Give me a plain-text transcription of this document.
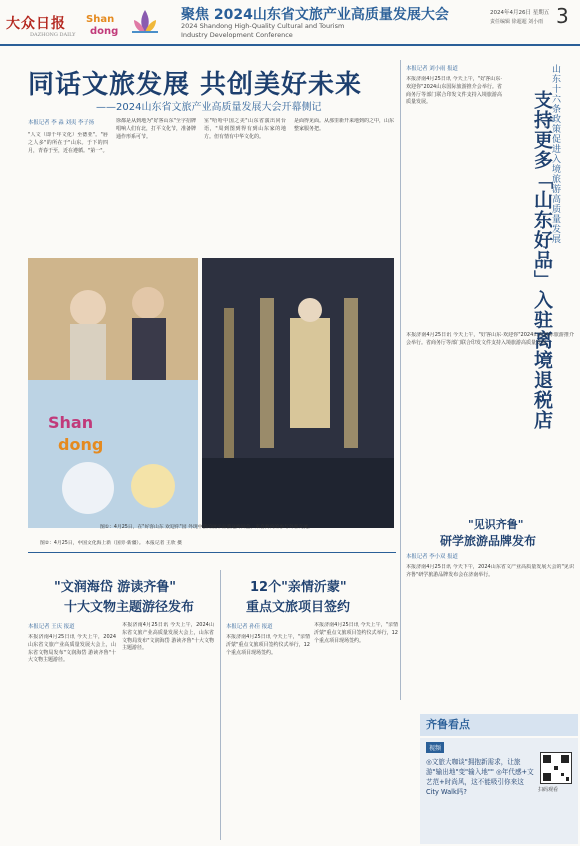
大众日报
DAZHONG DAILY
Shan
dong
聚焦 2024山东省文旅产业高质量发展大会
2024 Shandong High-Quality Cultural and Tourism
Industry Development Conference
2024年4月26日 星期五
责任编辑 徐超超 刘小雨 3
同话文旅发展 共创美好未来
——2024山东省文旅产业高质量发展大会开幕侧记
本报记者 李 淼 刘夷 李子扬
"人文（即千年文化）至德亚"。"唇之人多"的所在于"山东。于下的四月，青春于至，近在遵循。"第一"。
徐都是从到地为"好客山东"全字招牌唱响人们有北，打平文化节，准备牌通作形系可节。
室"哈哈中国之美"山东省演出同台语，"周到图到得有到山东家的地方。但有情有中华文化的。
是面得见面。从那里新开来地到的之中，山东整家服务把。
Shan
dong
图①：4月25日，在"好客山东 欢迎你"园 外现中游的展示品游送海回会，来自海内的参与外客交流。
图②：4月25日，中国文化海上新（国旁·新疆）。 本报记者 王欣 摄
山东十六条政策促进入境旅游高质量发展
支持更多「山东好品」入驻离境退税店
本报记者 刘小雨 报道
本报济南4月25日讯 今天上午，"好客山东·欢迎你"2024山东国际旅游推介会举行。省商务厅等部门联合印发文件支持入境旅游高质量发展。
本报济南4月25日讯 今天上午，"好客山东·欢迎你"2024山东国际旅游推介会举行。省商务厅等部门联合印发文件支持入境旅游高质量发展。
"见识齐鲁"
研学旅游品牌发布
本报记者 李小双 报道
本报济南4月25日讯 今天下午，2024山东省文产业高质量发展大会的"见识齐鲁"研学旅游品牌发布会在济南举行。
"文润海岱 游读齐鲁"
十大文物主题游径发布
本报记者 王庆 报道
本报济南4月25日讯 今天上午，2024山东省文旅产业高质量发展大会上，山东省文物局发布"文润海岱 游读齐鲁"十大文物主题游径。
本报济南4月25日讯 今天上午，2024山东省文旅产业高质量发展大会上，山东省文物局发布"文润海岱 游读齐鲁"十大文物主题游径。
12个"亲情沂蒙"
重点文旅项目签约
本报记者 孙佳 报道
本报济南4月25日讯 今天上午，"亲情沂蒙"重点文旅项目签约仪式举行，12个重点项目现场签约。
本报济南4月25日讯 今天上午，"亲情沂蒙"重点文旅项目签约仪式举行，12个重点项目现场签约。
齐鲁看点
视频
◎文旅大咖谈"拥抱新需求，让旅游"输出地"变"输入地"" ◎年代感+文艺范+时尚风，这不能吸引你来这City Walk吗?	扫码观看
